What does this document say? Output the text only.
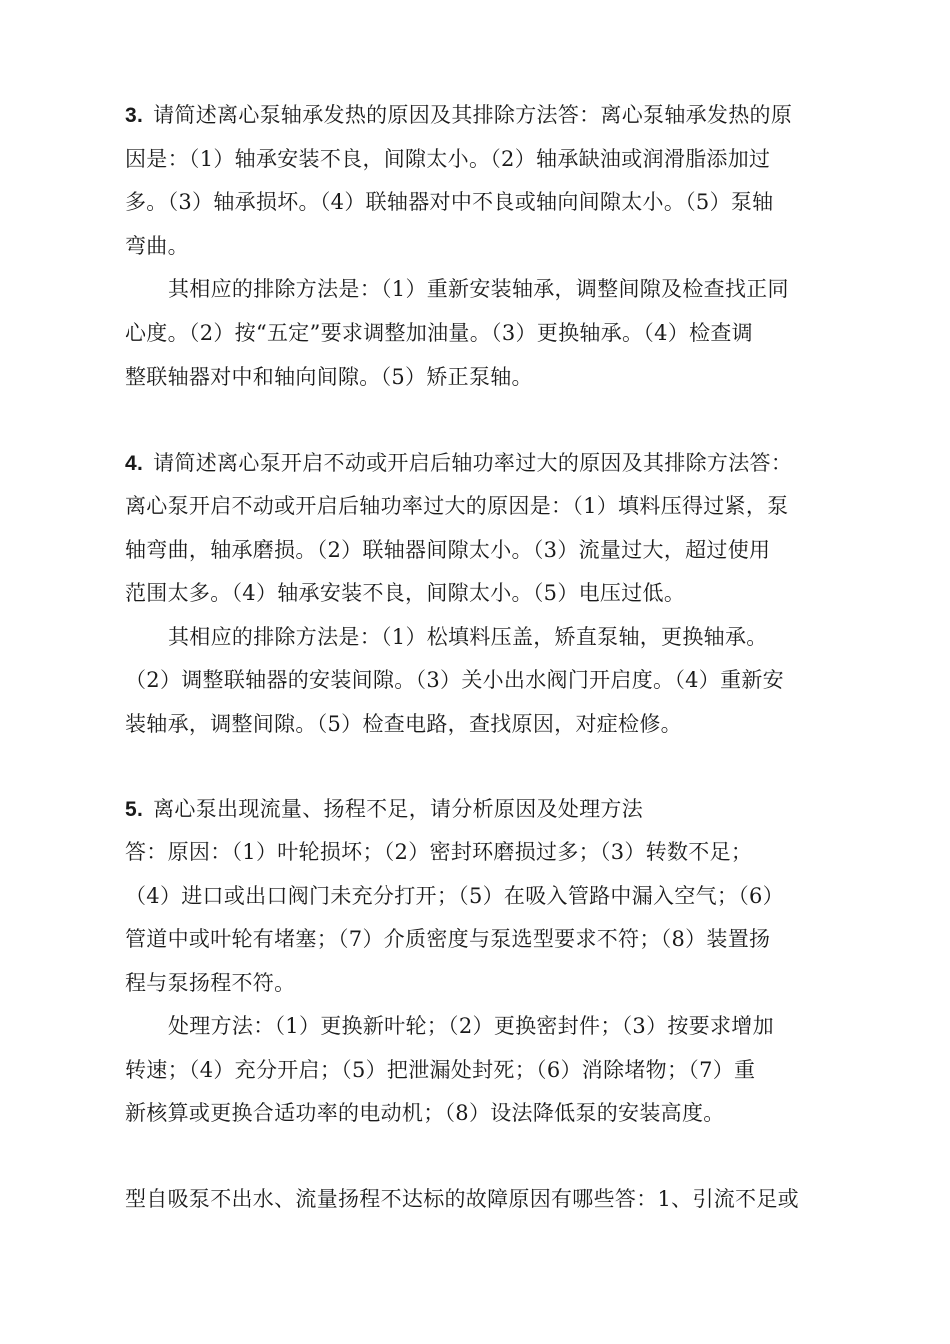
3. 请简述离心泵轴承发热的原因及其排除方法答：离心泵轴承发热的原
因是：（1）轴承安装不良，间隙太小。（2）轴承缺油或润滑脂添加过
多。（3）轴承损坏。（4）联轴器对中不良或轴向间隙太小。（5）泵轴
弯曲。
其相应的排除方法是：（1）重新安装轴承，调整间隙及检查找正同
心度。（2）按“五定”要求调整加油量。（3）更换轴承。（4）检查调
整联轴器对中和轴向间隙。（5）矫正泵轴。
4. 请简述离心泵开启不动或开启后轴功率过大的原因及其排除方法答：
离心泵开启不动或开启后轴功率过大的原因是：（1）填料压得过紧，泵
轴弯曲，轴承磨损。（2）联轴器间隙太小。（3）流量过大，超过使用
范围太多。（4）轴承安装不良，间隙太小。（5）电压过低。
其相应的排除方法是：（1）松填料压盖，矫直泵轴，更换轴承。
（2）调整联轴器的安装间隙。（3）关小出水阀门开启度。（4）重新安
装轴承，调整间隙。（5）检查电路，查找原因，对症检修。
5. 离心泵出现流量、扬程不足，请分析原因及处理方法
答：原因：（1）叶轮损坏；（2）密封环磨损过多；（3）转数不足；
（4）进口或出口阀门未充分打开；（5）在吸入管路中漏入空气；（6）
管道中或叶轮有堵塞；（7）介质密度与泵选型要求不符；（8）装置扬
程与泵扬程不符。
处理方法：（1）更换新叶轮；（2）更换密封件；（3）按要求增加
转速；（4）充分开启；（5）把泄漏处封死；（6）消除堵物；（7）重
新核算或更换合适功率的电动机；（8）设法降低泵的安装高度。
型自吸泵不出水、流量扬程不达标的故障原因有哪些答：1、引流不足或
